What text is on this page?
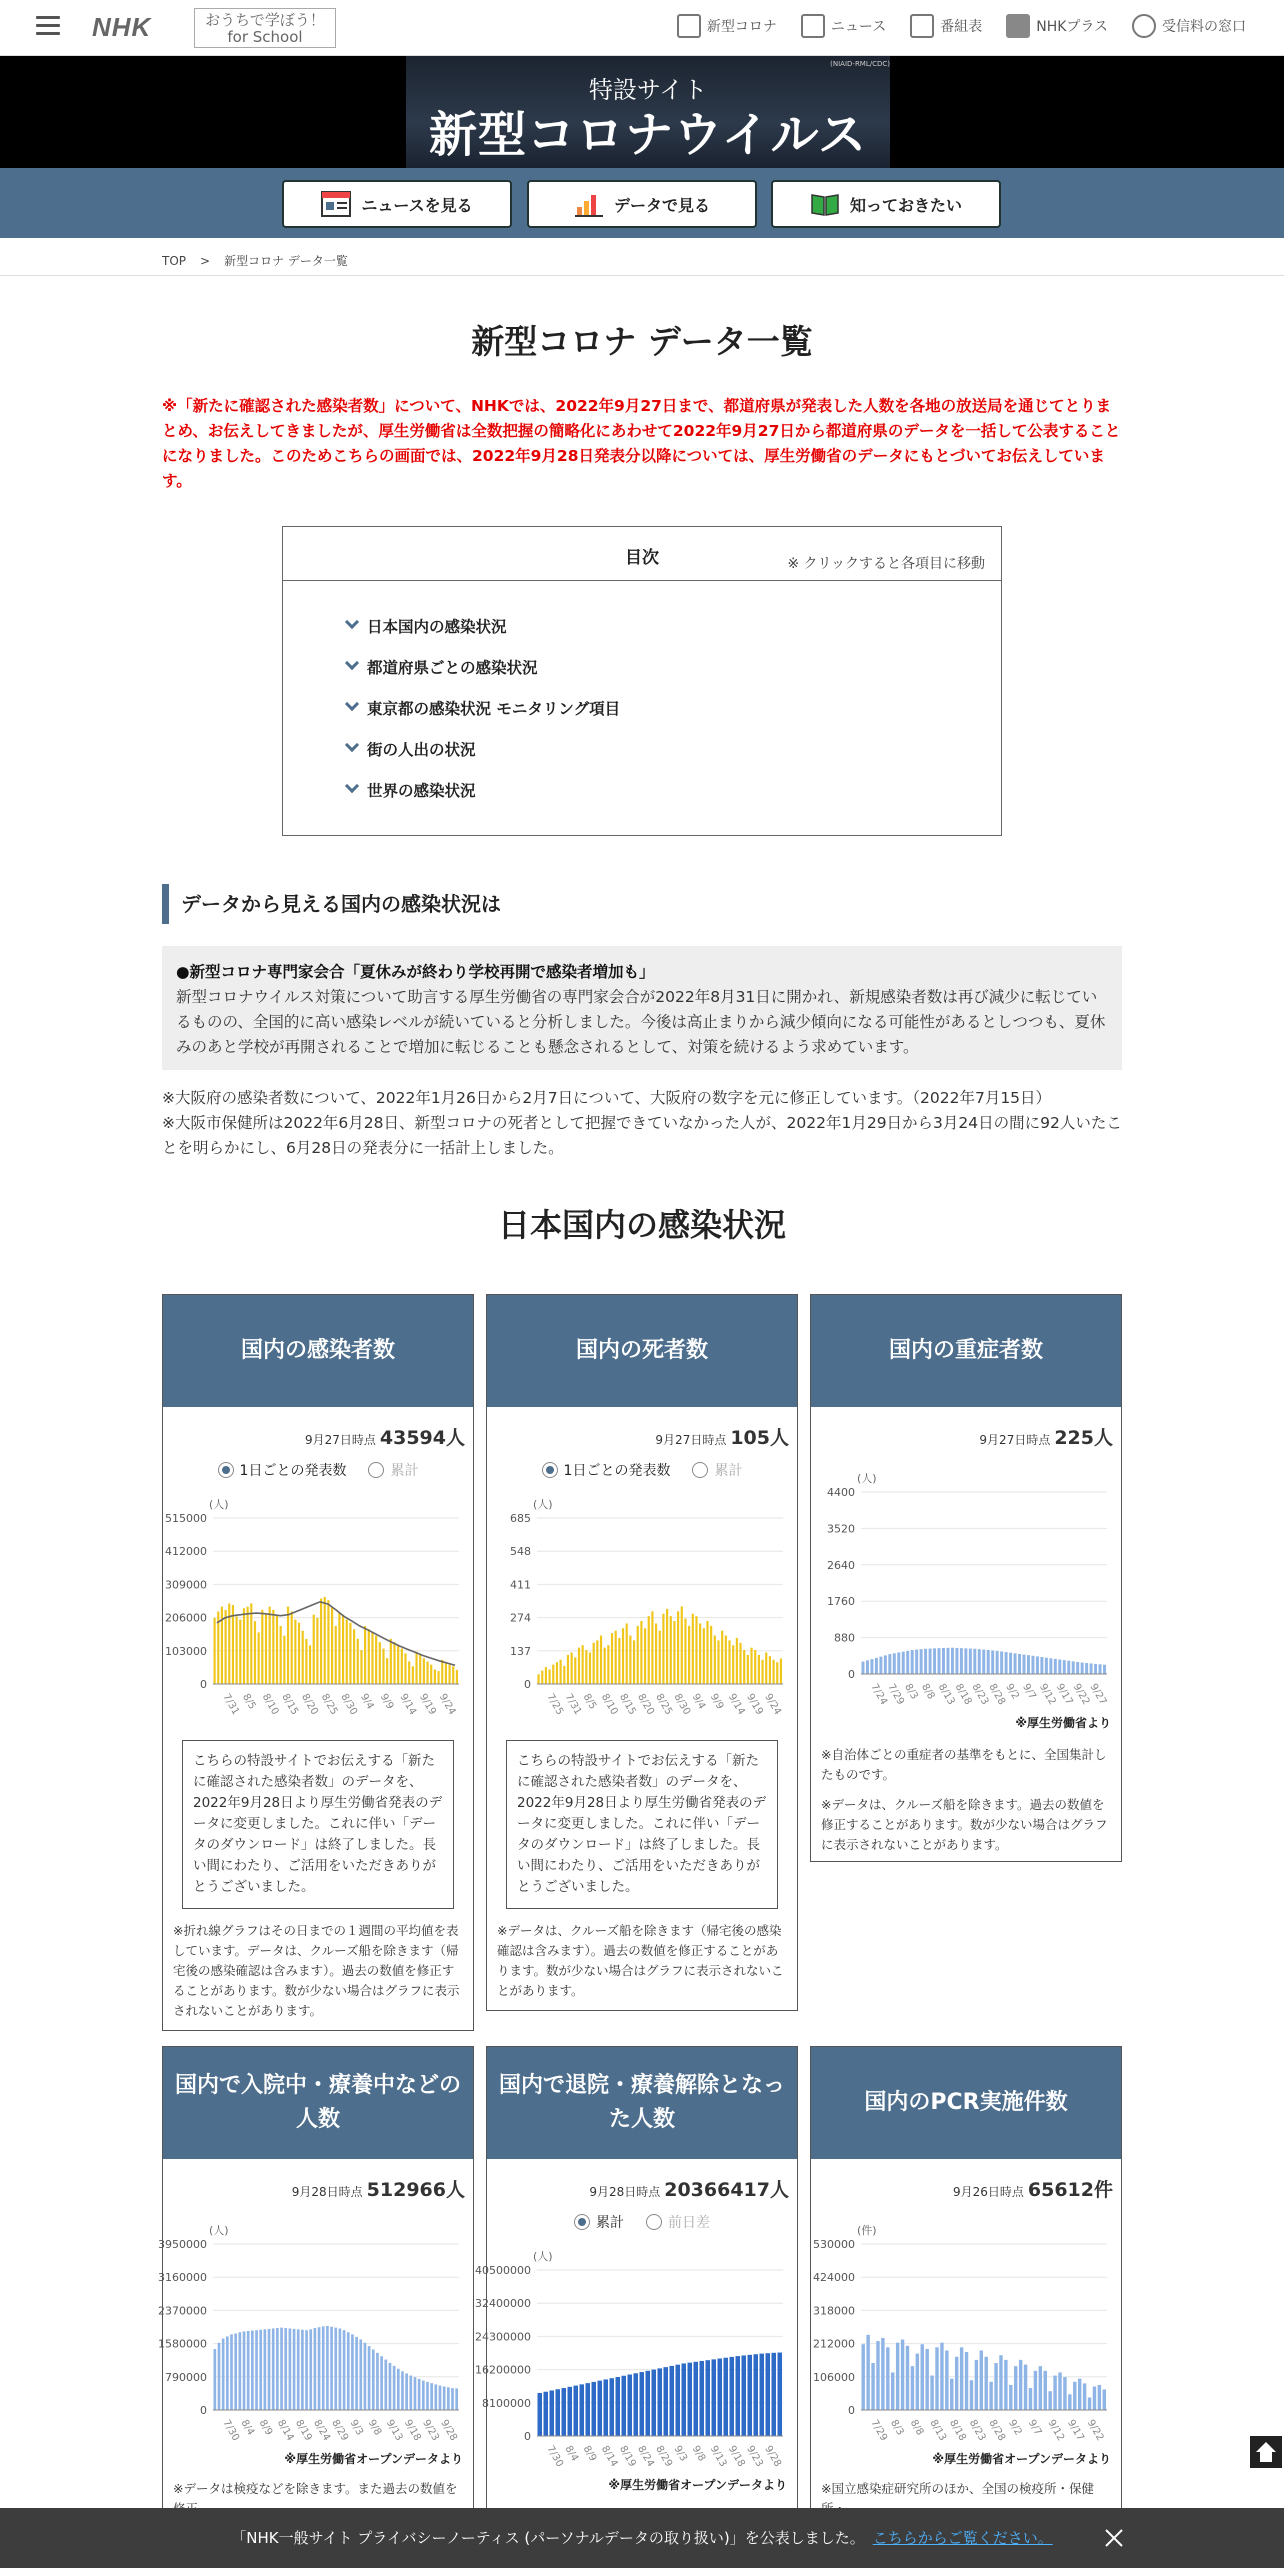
NHK	おうちで学ぼう！
for School
新型コロナ	ニュース	番組表	NHKプラス	受信料の窓口
(NIAID-RML/CDC)
特設サイト
新型コロナウイルス
ニュースを見る	データで見る	知っておきたい
TOP > 新型コロナ データ一覧
新型コロナ データ一覧
※「新たに確認された感染者数」について、NHKでは、2022年9月27日まで、都道府県が発表した人数を各地の放送局を通じてとりまとめ、お伝えしてきましたが、厚生労働省は全数把握の簡略化にあわせて2022年9月27日から都道府県のデータを一括して公表することになりました。このためこちらの画面では、2022年9月28日発表分以降については、厚生労働省のデータにもとづいてお伝えしています。
目次	※ クリックすると各項目に移動
日本国内の感染状況
都道府県ごとの感染状況
東京都の感染状況 モニタリング項目
街の人出の状況
世界の感染状況
データから見える国内の感染状況は
●新型コロナ専門家会合「夏休みが終わり学校再開で感染者増加も」
新型コロナウイルス対策について助言する厚生労働省の専門家会合が2022年8月31日に開かれ、新規感染者数は再び減少に転じているものの、全国的に高い感染レベルが続いていると分析しました。今後は高止まりから減少傾向になる可能性があるとしつつも、夏休みのあと学校が再開されることで増加に転じることも懸念されるとして、対策を続けるよう求めています。
※大阪府の感染者数について、2022年1月26日から2月7日について、大阪府の数字を元に修正しています。（2022年7月15日）
※大阪市保健所は2022年6月28日、新型コロナの死者として把握できていなかった人が、2022年1月29日から3月24日の間に92人いたことを明らかにし、6月28日の発表分に一括計上しました。
日本国内の感染状況
国内の感染者数
9月27日時点 43594人
1日ごとの発表数	累計
(人)
0
103000
206000
309000
412000
515000
7/31
8/5 8/10
8/15
8/20
8/25
8/30
9/4 9/9 9/14
9/19
9/24
こちらの特設サイトでお伝えする「新たに確認された感染者数」のデータを、2022年9月28日より厚生労働省発表のデータに変更しました。これに伴い「データのダウンロード」は終了しました。長い間にわたり、ご活用をいただきありがとうございました。
※折れ線グラフはその日までの１週間の平均値を表しています。データは、クルーズ船を除きます（帰宅後の感染確認は含みます）。過去の数値を修正することがあります。数が少ない場合はグラフに表示されないことがあります。
国内の死者数
9月27日時点 105人
1日ごとの発表数	累計
(人)
0
137
274
411
548
685
7/25
7/31
8/5 8/10
8/15
8/20
8/25
8/30
9/4 9/9 9/14
9/19
9/24
こちらの特設サイトでお伝えする「新たに確認された感染者数」のデータを、2022年9月28日より厚生労働省発表のデータに変更しました。これに伴い「データのダウンロード」は終了しました。長い間にわたり、ご活用をいただきありがとうございました。
※データは、クルーズ船を除きます（帰宅後の感染確認は含みます）。過去の数値を修正することがあります。数が少ない場合はグラフに表示されないことがあります。
国内の重症者数
9月27日時点 225人
(人)
0
880
1760
2640
3520
4400
7/24
7/29
8/3 8/8 8/13
8/18
8/23
8/28
9/2 9/7 9/12
9/17
9/22
9/27
※厚生労働省より
※自治体ごとの重症者の基準をもとに、全国集計したものです。
※データは、クルーズ船を除きます。過去の数値を修正することがあります。数が少ない場合はグラフに表示されないことがあります。
国内で入院中・療養中などの人数
9月28日時点 512966人
(人)
0
790000
1580000
2370000
3160000
3950000
7/30
8/4 8/9 8/14
8/19
8/24
8/29
9/3 9/8 9/13
9/18
9/23
9/28
※厚生労働省オープンデータより
※データは検疫などを除きます。また過去の数値を
国内で退院・療養解除となった人数
9月28日時点 20366417人
累計	前日差
(人)
0
8100000
16200000
24300000
32400000
40500000
7/30
8/4 8/9 8/14
8/19
8/24
8/29
9/3 9/8 9/13
9/18
9/23
9/28
※厚生労働省オープンデータより
国内のPCR実施件数
9月26日時点 65612件
(件)
0
106000
212000
318000
424000
530000
7/29
8/3 8/8 8/13
8/18
8/23
8/28
9/2 9/7 9/12
9/17
9/22
※厚生労働省オープンデータより
※国立感染症研究所のほか、全国の検疫所・保健
「NHK一般サイト プライバシーノーティス (パーソナルデータの取り扱い)」を公表しました。 こちらからご覧ください。
